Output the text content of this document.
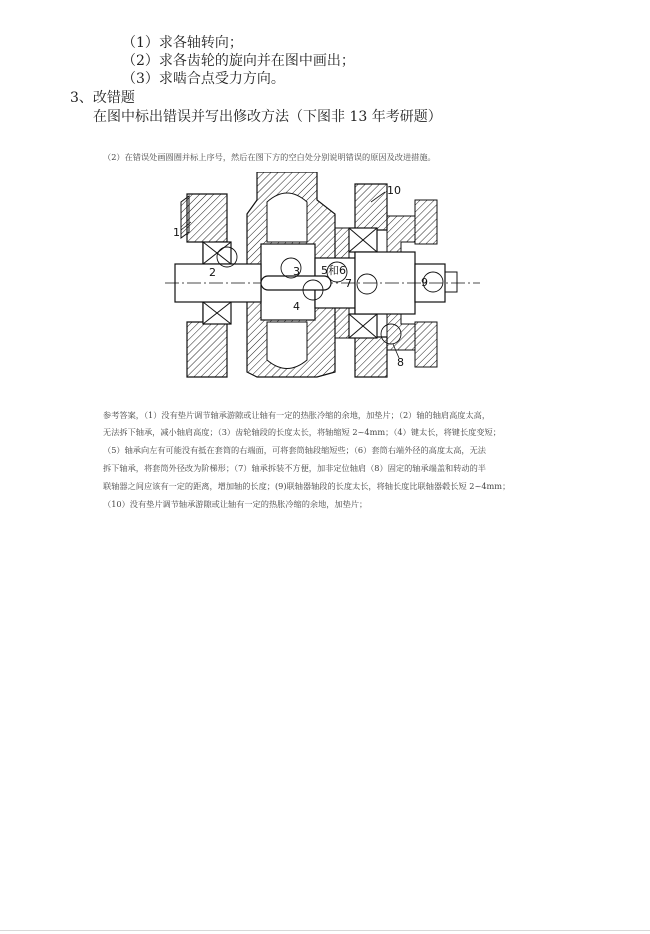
（1）求各轴转向；
（2）求各齿轮的旋向并在图中画出；
（3）求啮合点受力方向。
3、改错题
在图中标出错误并写出修改方法（下图非 13 年考研题）
（2）在错误处画圆圈并标上序号，然后在图下方的空白处分别说明错误的原因及改进措施。
1
2	3
4
5和6
7
8
9
10
参考答案，（1）没有垫片调节轴承游隙或让轴有一定的热胀冷缩的余地，加垫片；（2）轴的轴肩高度太高，
无法拆下轴承，减小轴肩高度；（3）齿轮轴段的长度太长，将轴缩短 2~4mm；（4）键太长，将键长度变短；
（5）轴承向左有可能没有抵在套筒的右端面，可将套筒轴段缩短些；（6）套筒右端外径的高度太高，无法
拆下轴承，将套筒外径改为阶梯形；（7）轴承拆装不方便，加非定位轴肩（8）固定的轴承端盖和转动的半
联轴器之间应该有一定的距离，增加轴的长度；(9)联轴器轴段的长度太长，将轴长度比联轴器毂长短 2~4mm；
（10）没有垫片调节轴承游隙或让轴有一定的热胀冷缩的余地，加垫片；
